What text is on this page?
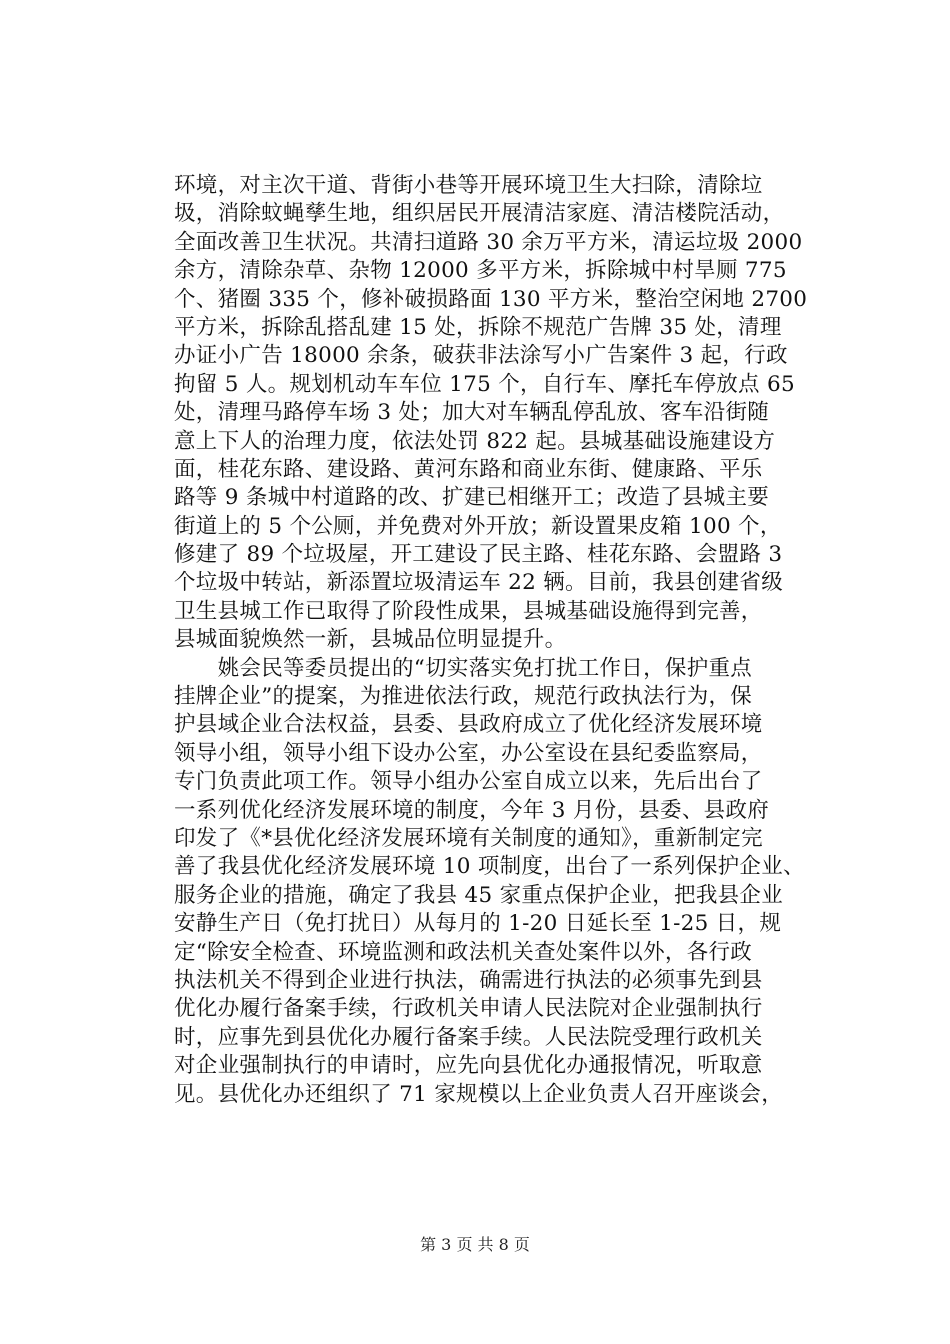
环境，对主次干道、背街小巷等开展环境卫生大扫除，清除垃
圾，消除蚊蝇孳生地，组织居民开展清洁家庭、清洁楼院活动，
全面改善卫生状况。共清扫道路 30 余万平方米，清运垃圾 2000
余方，清除杂草、杂物 12000 多平方米，拆除城中村旱厕 775
个、猪圈 335 个，修补破损路面 130 平方米，整治空闲地 2700
平方米，拆除乱搭乱建 15 处，拆除不规范广告牌 35 处，清理
办证小广告 18000 余条，破获非法涂写小广告案件 3 起，行政
拘留 5 人。规划机动车车位 175 个，自行车、摩托车停放点 65
处，清理马路停车场 3 处；加大对车辆乱停乱放、客车沿街随
意上下人的治理力度，依法处罚 822 起。县城基础设施建设方
面，桂花东路、建设路、黄河东路和商业东街、健康路、平乐
路等 9 条城中村道路的改、扩建已相继开工；改造了县城主要
街道上的 5 个公厕，并免费对外开放；新设置果皮箱 100 个，
修建了 89 个垃圾屋，开工建设了民主路、桂花东路、会盟路 3
个垃圾中转站，新添置垃圾清运车 22 辆。目前，我县创建省级
卫生县城工作已取得了阶段性成果，县城基础设施得到完善，
县城面貌焕然一新，县城品位明显提升。
　　姚会民等委员提出的“切实落实免打扰工作日，保护重点
挂牌企业”的提案，为推进依法行政，规范行政执法行为，保
护县域企业合法权益，县委、县政府成立了优化经济发展环境
领导小组，领导小组下设办公室，办公室设在县纪委监察局，
专门负责此项工作。领导小组办公室自成立以来，先后出台了
一系列优化经济发展环境的制度，今年 3 月份，县委、县政府
印发了《*县优化经济发展环境有关制度的通知》，重新制定完
善了我县优化经济发展环境 10 项制度，出台了一系列保护企业、
服务企业的措施，确定了我县 45 家重点保护企业，把我县企业
安静生产日（免打扰日）从每月的 1-20 日延长至 1-25 日，规
定“除安全检查、环境监测和政法机关查处案件以外，各行政
执法机关不得到企业进行执法，确需进行执法的必须事先到县
优化办履行备案手续，行政机关申请人民法院对企业强制执行
时，应事先到县优化办履行备案手续。人民法院受理行政机关
对企业强制执行的申请时，应先向县优化办通报情况，听取意
见。县优化办还组织了 71 家规模以上企业负责人召开座谈会，
第 3 页 共 8 页
